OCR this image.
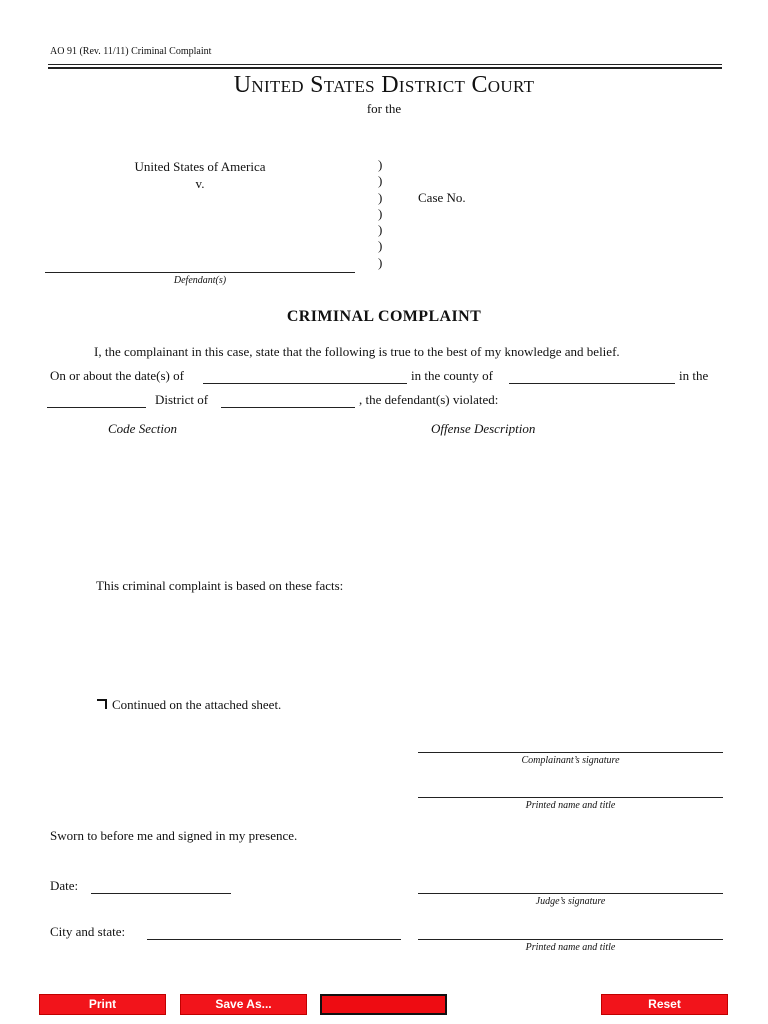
AO 91 (Rev. 11/11) Criminal Complaint
United States District Court
for the
United States of America
v.
)
)
)
)
)
)
)
Case No.
Defendant(s)
CRIMINAL COMPLAINT
I, the complainant in this case, state that the following is true to the best of my knowledge and belief.
On or about the date(s) of	in the county of	in the
District of	, the defendant(s) violated:
Code Section	Offense Description
This criminal complaint is based on these facts:
Continued on the attached sheet.
Complainant’s signature
Printed name and title
Sworn to before me and signed in my presence.
Date:
Judge’s signature
City and state:
Printed name and title
Print	Save As...	Reset
